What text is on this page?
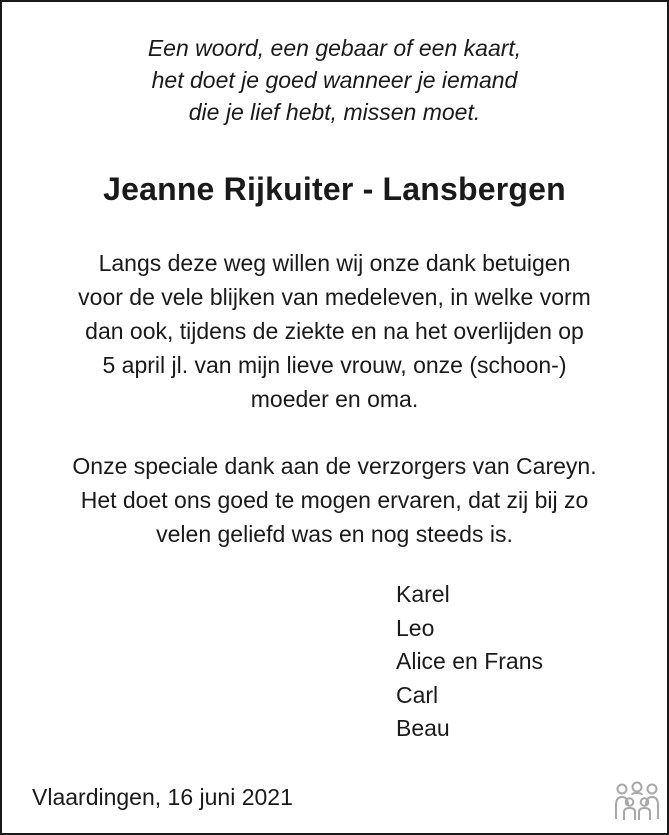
Een woord, een gebaar of een kaart,
het doet je goed wanneer je iemand
die je lief hebt, missen moet.
Jeanne Rijkuiter - Lansbergen
Langs deze weg willen wij onze dank betuigen
voor de vele blijken van medeleven, in welke vorm
dan ook, tijdens de ziekte en na het overlijden op
5 april jl. van mijn lieve vrouw, onze (schoon-)
moeder en oma.
Onze speciale dank aan de verzorgers van Careyn.
Het doet ons goed te mogen ervaren, dat zij bij zo
velen geliefd was en nog steeds is.
Karel
Leo
Alice en Frans
Carl
Beau
Vlaardingen, 16 juni 2021
